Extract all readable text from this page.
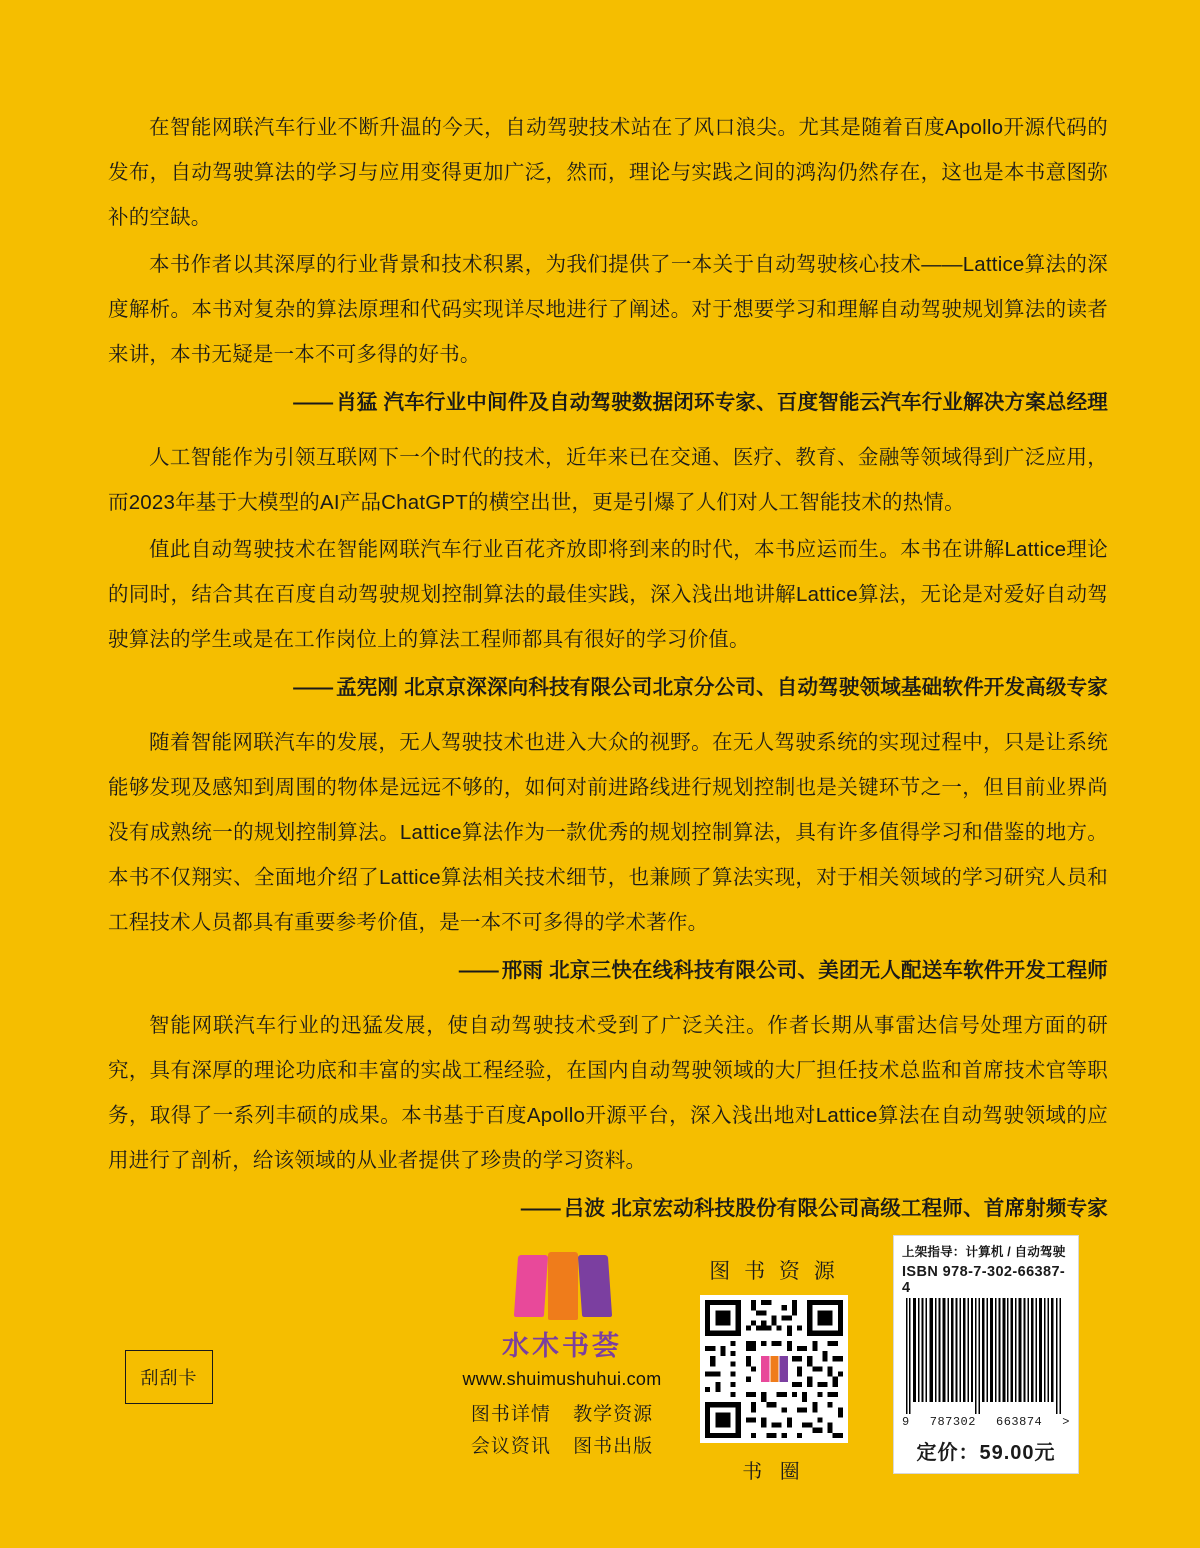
在智能网联汽车行业不断升温的今天，自动驾驶技术站在了风口浪尖。尤其是随着百度Apollo开源代码的发布，自动驾驶算法的学习与应用变得更加广泛，然而，理论与实践之间的鸿沟仍然存在，这也是本书意图弥补的空缺。

本书作者以其深厚的行业背景和技术积累，为我们提供了一本关于自动驾驶核心技术——Lattice算法的深度解析。本书对复杂的算法原理和代码实现详尽地进行了阐述。对于想要学习和理解自动驾驶规划算法的读者来讲，本书无疑是一本不可多得的好书。

—— 肖猛 汽车行业中间件及自动驾驶数据闭环专家、百度智能云汽车行业解决方案总经理

人工智能作为引领互联网下一个时代的技术，近年来已在交通、医疗、教育、金融等领域得到广泛应用，而2023年基于大模型的AI产品ChatGPT的横空出世，更是引爆了人们对人工智能技术的热情。

值此自动驾驶技术在智能网联汽车行业百花齐放即将到来的时代，本书应运而生。本书在讲解Lattice理论的同时，结合其在百度自动驾驶规划控制算法的最佳实践，深入浅出地讲解Lattice算法，无论是对爱好自动驾驶算法的学生或是在工作岗位上的算法工程师都具有很好的学习价值。

—— 孟宪刚 北京京深深向科技有限公司北京分公司、自动驾驶领域基础软件开发高级专家

随着智能网联汽车的发展，无人驾驶技术也进入大众的视野。在无人驾驶系统的实现过程中，只是让系统能够发现及感知到周围的物体是远远不够的，如何对前进路线进行规划控制也是关键环节之一，但目前业界尚没有成熟统一的规划控制算法。Lattice算法作为一款优秀的规划控制算法，具有许多值得学习和借鉴的地方。本书不仅翔实、全面地介绍了Lattice算法相关技术细节，也兼顾了算法实现，对于相关领域的学习研究人员和工程技术人员都具有重要参考价值，是一本不可多得的学术著作。

—— 邢雨 北京三快在线科技有限公司、美团无人配送车软件开发工程师

智能网联汽车行业的迅猛发展，使自动驾驶技术受到了广泛关注。作者长期从事雷达信号处理方面的研究，具有深厚的理论功底和丰富的实战工程经验，在国内自动驾驶领域的大厂担任技术总监和首席技术官等职务，取得了一系列丰硕的成果。本书基于百度Apollo开源平台，深入浅出地对Lattice算法在自动驾驶领域的应用进行了剖析，给该领域的从业者提供了珍贵的学习资料。

—— 吕波 北京宏动科技股份有限公司高级工程师、首席射频专家
刮刮卡
水木书荟
www.shuimushuhui.com
图书详情 教学资源
会议资讯 图书出版
图 书 资 源
书 圈
上架指导：计算机 / 自动驾驶
ISBN 978-7-302-66387-4
9 787302 663874 >
定价：59.00元
